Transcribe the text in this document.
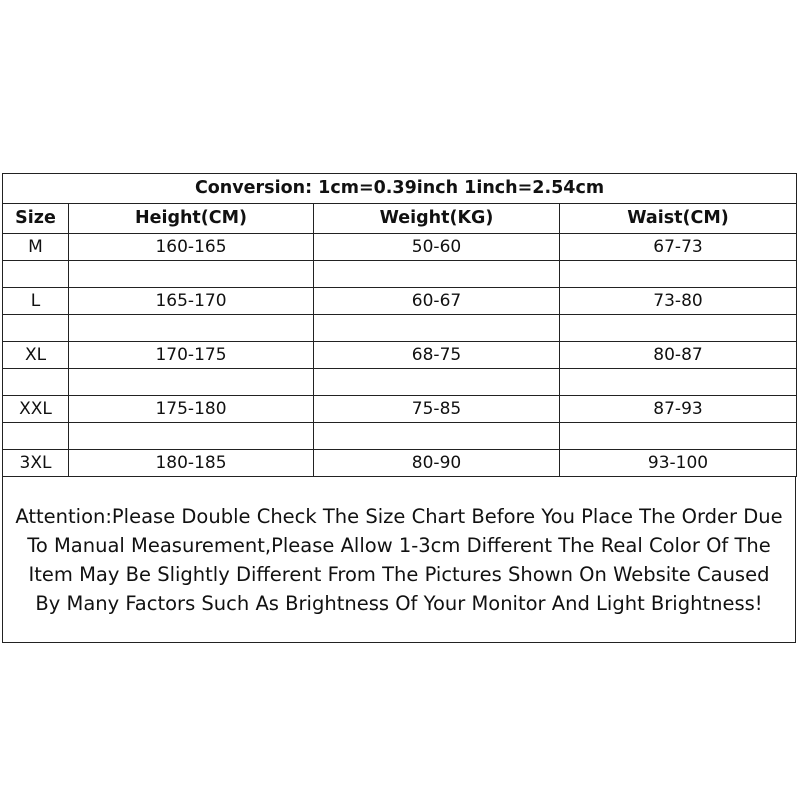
Conversion: 1cm=0.39inch 1inch=2.54cm			
Size	Height(CM)	Weight(KG)	Waist(CM)
M	160-165	50-60	67-73

L	165-170	60-67	73-80

XL	170-175	68-75	80-87

XXL	175-180	75-85	87-93

3XL	180-185	80-90	93-100

Attention:Please Double Check The Size Chart Before You Place The Order Due To Manual Measurement,Please Allow 1-3cm Different The Real Color Of The Item May Be Slightly Different From The Pictures Shown On Website Caused By Many Factors Such As Brightness Of Your Monitor And Light Brightness!
